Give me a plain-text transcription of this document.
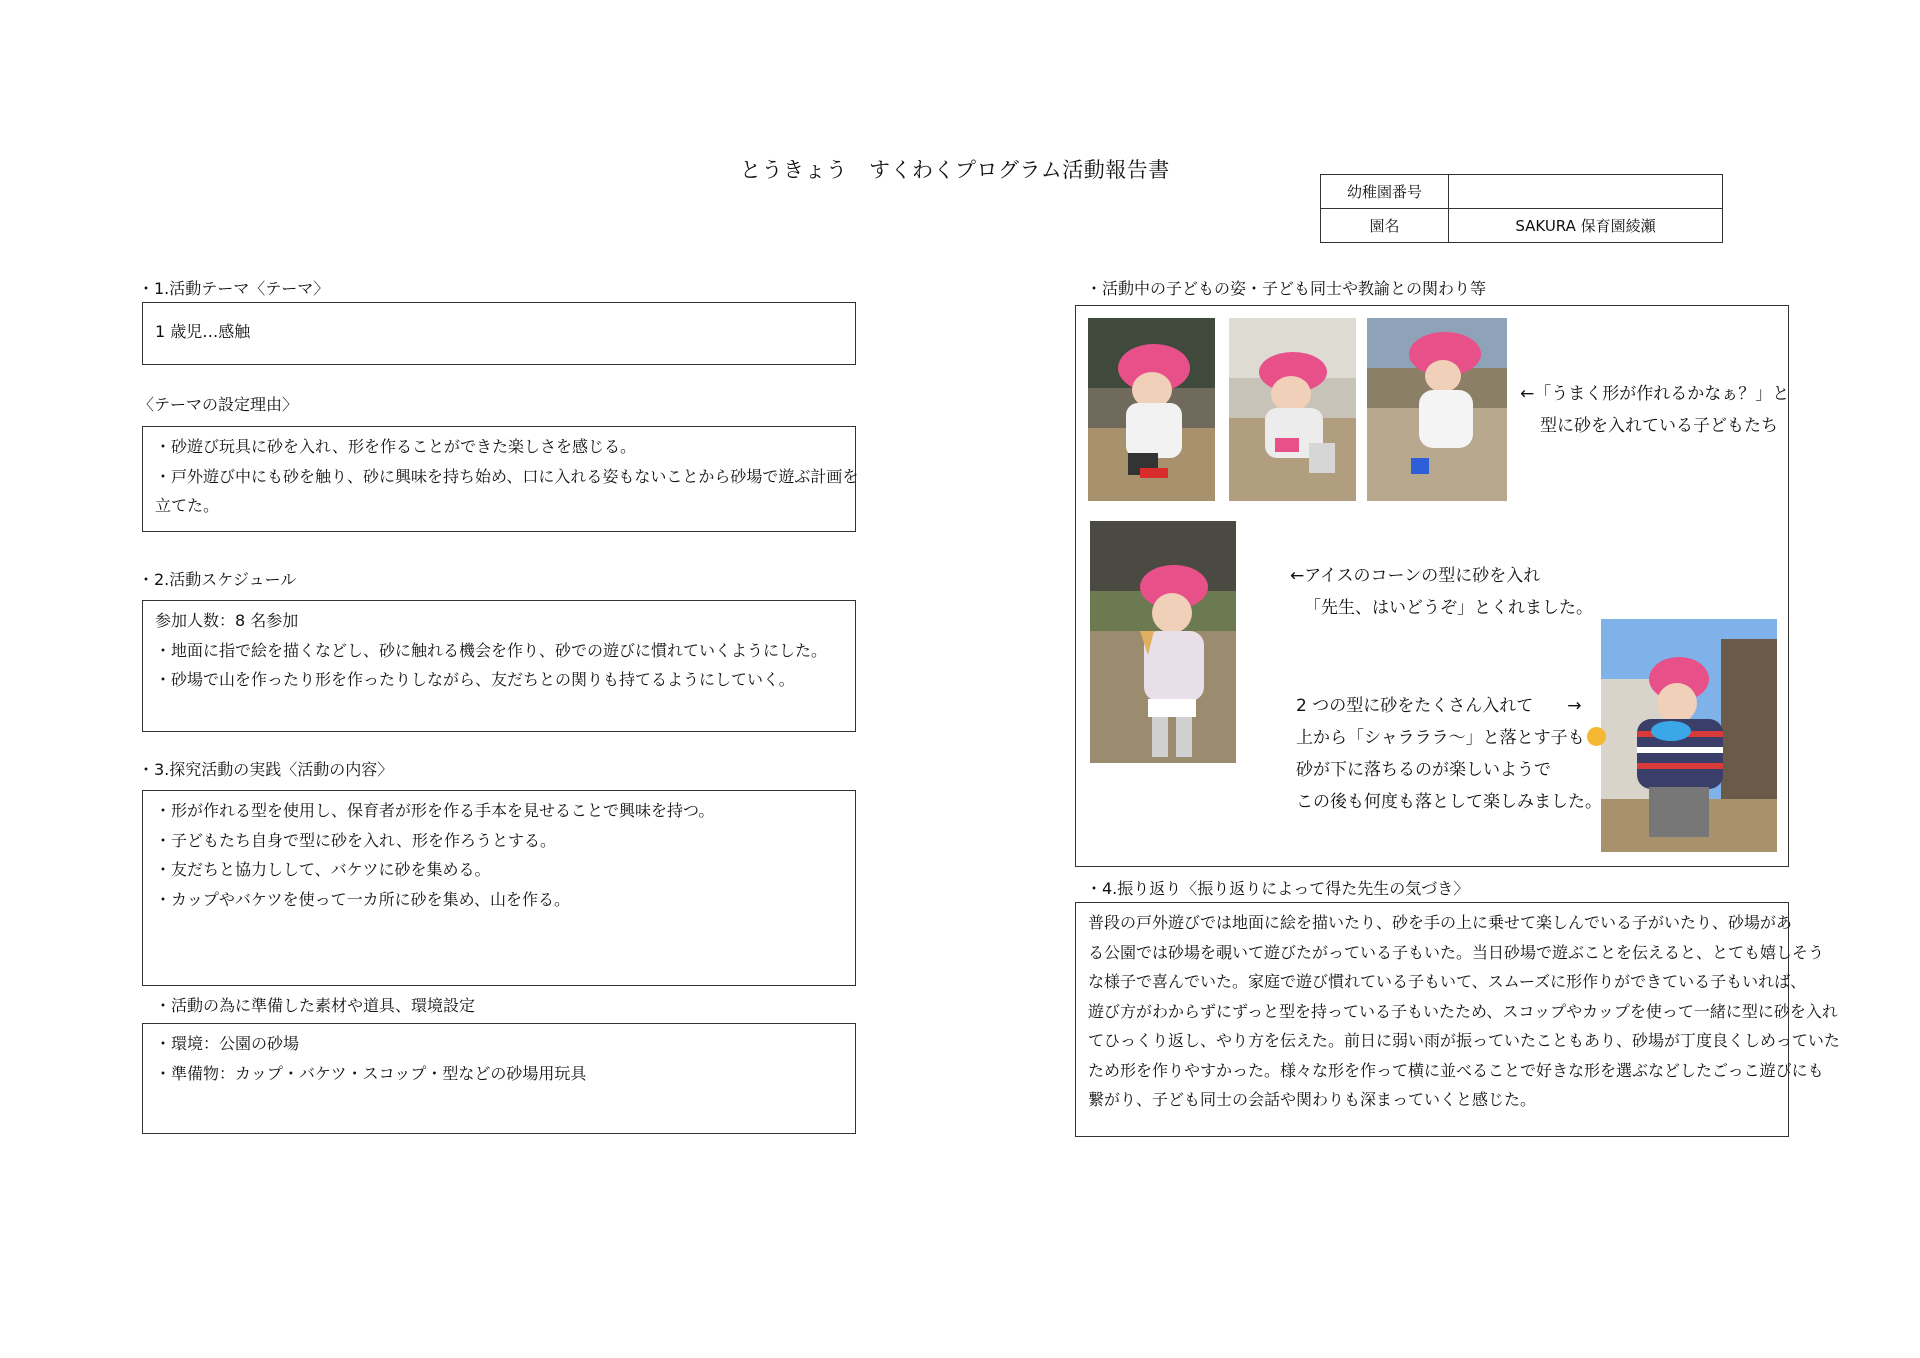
とうきょう　すくわくプログラム活動報告書
幼稚園番号	
園名	SAKURA 保育園綾瀬
・1.活動テーマ〈テーマ〉
1 歳児…感触
〈テーマの設定理由〉
・砂遊び玩具に砂を入れ、形を作ることができた楽しさを感じる。
・戸外遊び中にも砂を触り、砂に興味を持ち始め、口に入れる姿もないことから砂場で遊ぶ計画を
立てた。
・2.活動スケジュール
参加人数：8 名参加
・地面に指で絵を描くなどし、砂に触れる機会を作り、砂での遊びに慣れていくようにした。
・砂場で山を作ったり形を作ったりしながら、友だちとの関りも持てるようにしていく。
・3.探究活動の実践〈活動の内容〉
・形が作れる型を使用し、保育者が形を作る手本を見せることで興味を持つ。
・子どもたち自身で型に砂を入れ、形を作ろうとする。
・友だちと協力しして、バケツに砂を集める。
・カップやバケツを使って一カ所に砂を集め、山を作る。
・活動の為に準備した素材や道具、環境設定
・環境：公園の砂場
・準備物：カップ・バケツ・スコップ・型などの砂場用玩具
・活動中の子どもの姿・子ども同士や教諭との関わり等
←「うまく形が作れるかなぁ？」と
型に砂を入れている子どもたち
←アイスのコーンの型に砂を入れ
「先生、はいどうぞ」とくれました。
2 つの型に砂をたくさん入れて　　→
上から「シャラララ〜」と落とす子も
砂が下に落ちるのが楽しいようで
この後も何度も落として楽しみました。
・4.振り返り〈振り返りによって得た先生の気づき〉
普段の戸外遊びでは地面に絵を描いたり、砂を手の上に乗せて楽しんでいる子がいたり、砂場があ
る公園では砂場を覗いて遊びたがっている子もいた。当日砂場で遊ぶことを伝えると、とても嬉しそう
な様子で喜んでいた。家庭で遊び慣れている子もいて、スムーズに形作りができている子もいれば、
遊び方がわからずにずっと型を持っている子もいたため、スコップやカップを使って一緒に型に砂を入れ
てひっくり返し、やり方を伝えた。前日に弱い雨が振っていたこともあり、砂場が丁度良くしめっていた
ため形を作りやすかった。様々な形を作って横に並べることで好きな形を選ぶなどしたごっこ遊びにも
繋がり、子ども同士の会話や関わりも深まっていくと感じた。
